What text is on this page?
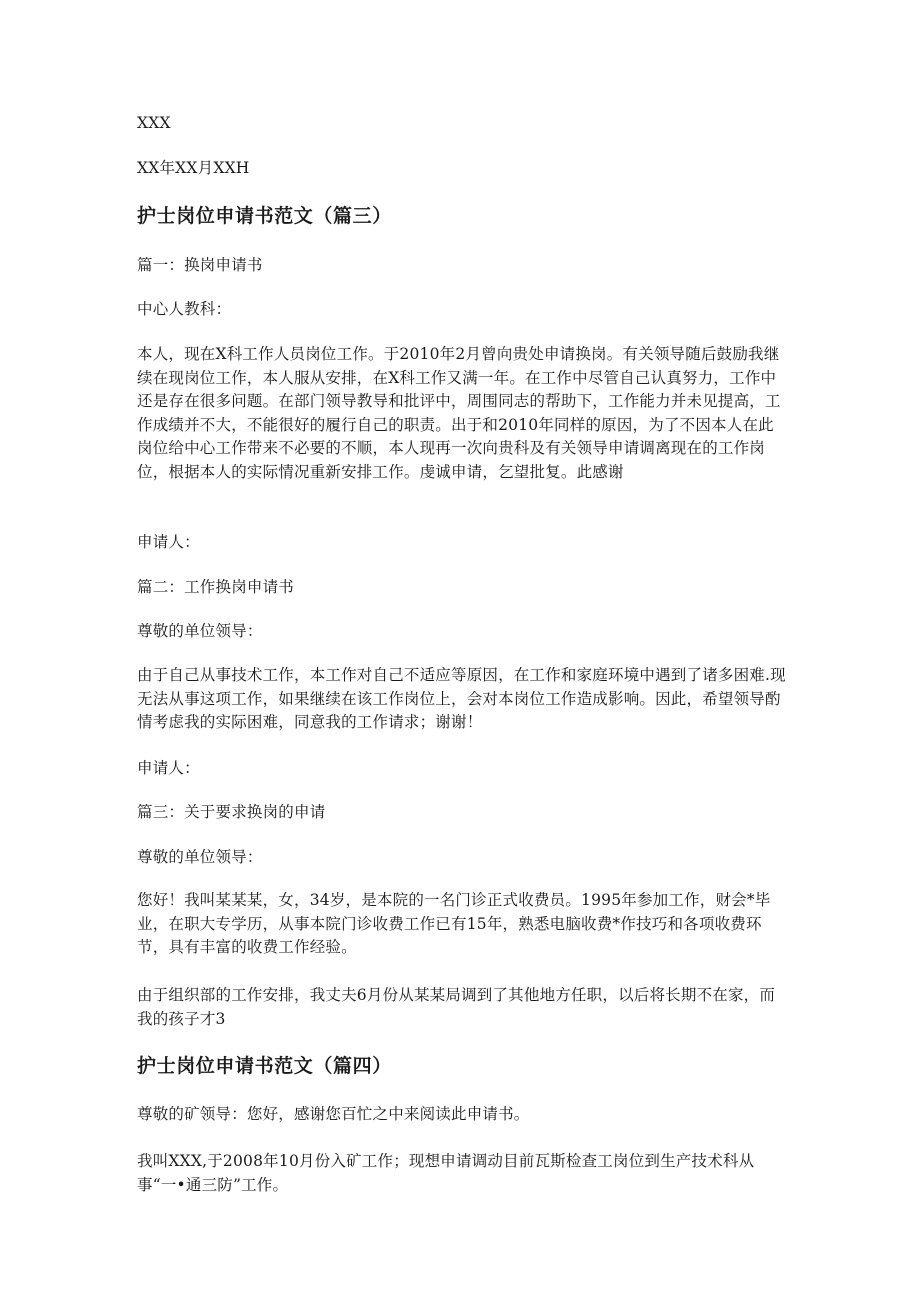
XXX

XX年XX月XXH

护士岗位申请书范文（篇三）

篇一：换岗申请书

中心人教科：

本人，现在X科工作人员岗位工作。于2010年2月曾向贵处申请换岗。有关领导随后鼓励我继续在现岗位工作，本人服从安排，在X科工作又满一年。在工作中尽管自己认真努力，工作中还是存在很多问题。在部门领导教导和批评中，周围同志的帮助下，工作能力并未见提高，工作成绩并不大，不能很好的履行自己的职责。出于和2010年同样的原因，为了不因本人在此岗位给中心工作带来不必要的不顺，本人现再一次向贵科及有关领导申请调离现在的工作岗位，根据本人的实际情况重新安排工作。虔诚申请，乞望批复。此感谢

申请人：

篇二：工作换岗申请书

尊敬的单位领导：

由于自己从事技术工作，本工作对自己不适应等原因，在工作和家庭环境中遇到了诸多困难.现无法从事这项工作，如果继续在该工作岗位上，会对本岗位工作造成影响。因此，希望领导酌情考虑我的实际困难，同意我的工作请求；谢谢！

申请人：

篇三：关于要求换岗的申请

尊敬的单位领导：

您好！我叫某某某，女，34岁，是本院的一名门诊正式收费员。1995年参加工作，财会*毕业，在职大专学历，从事本院门诊收费工作已有15年，熟悉电脑收费*作技巧和各项收费环节，具有丰富的收费工作经验。

由于组织部的工作安排，我丈夫6月份从某某局调到了其他地方任职，以后将长期不在家，而我的孩子才3

护士岗位申请书范文（篇四）

尊敬的矿领导：您好，感谢您百忙之中来阅读此申请书。

我叫XXX,于2008年10月份入矿工作；现想申请调动目前瓦斯检查工岗位到生产技术科从事“一•通三防”工作。
